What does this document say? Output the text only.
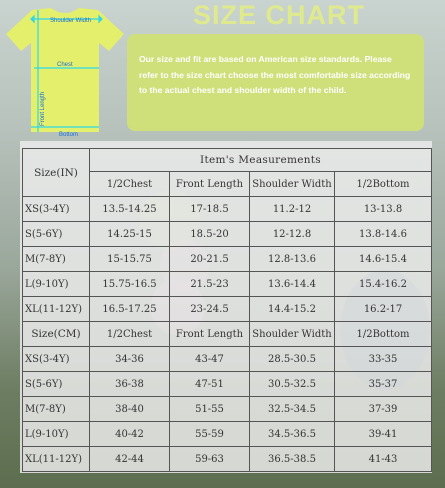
SIZE CHART
Shoulder Width
Chest
Front Length
Bottom
Our size and fit are based on American size standards. Please refer to the size chart choose the most comfortable size according to the actual chest and shoulder width of the child.
Size(IN)	Item's Measurements			
	1/2Chest	Front Length	Shoulder Width	1/2Bottom
XS(3-4Y)	13.5-14.25	17-18.5	11.2-12	13-13.8
S(5-6Y)	14.25-15	18.5-20	12-12.8	13.8-14.6
M(7-8Y)	15-15.75	20-21.5	12.8-13.6	14.6-15.4
L(9-10Y)	15.75-16.5	21.5-23	13.6-14.4	15.4-16.2
XL(11-12Y)	16.5-17.25	23-24.5	14.4-15.2	16.2-17
Size(CM)	1/2Chest	Front Length	Shoulder Width	1/2Bottom
XS(3-4Y)	34-36	43-47	28.5-30.5	33-35
S(5-6Y)	36-38	47-51	30.5-32.5	35-37
M(7-8Y)	38-40	51-55	32.5-34.5	37-39
L(9-10Y)	40-42	55-59	34.5-36.5	39-41
XL(11-12Y)	42-44	59-63	36.5-38.5	41-43
